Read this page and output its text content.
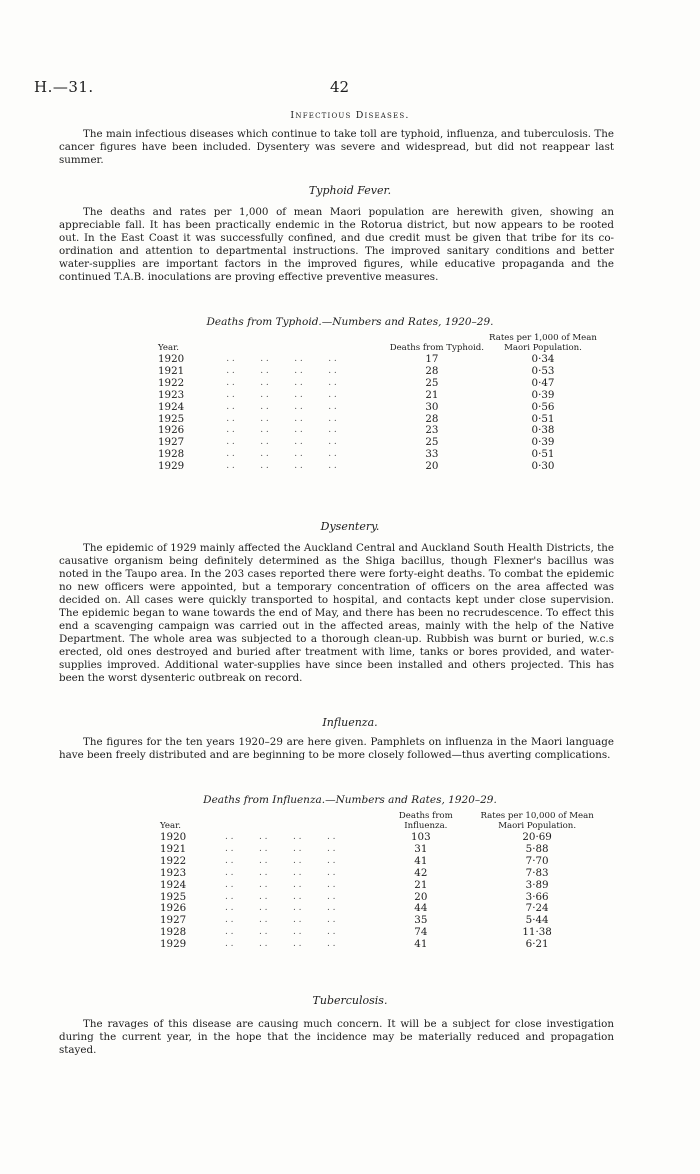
H.—31.	42
Infectious Diseases.

The main infectious diseases which continue to take toll are typhoid, influenza, and tuberculosis. The cancer figures have been included. Dysentery was severe and widespread, but did not reappear last summer.

Typhoid Fever.

The deaths and rates per 1,000 of mean Maori population are herewith given, showing an appreciable fall. It has been practically endemic in the Rotorua district, but now appears to be rooted out. In the East Coast it was successfully confined, and due credit must be given that tribe for its co-ordination and attention to departmental instructions. The improved sanitary conditions and better water-supplies are important factors in the improved figures, while educative propaganda and the continued T.A.B. inoculations are proving effective preventive measures.

Deaths from Typhoid.—Numbers and Rates, 1920–29.
Year.		Deaths from Typhoid.	Rates per 1,000 of Mean Maori Population.
1920	. . . . . . . .	17	0·34
1921	. . . . . . . .	28	0·53
1922	. . . . . . . .	25	0·47
1923	. . . . . . . .	21	0·39
1924	. . . . . . . .	30	0·56
1925	. . . . . . . .	28	0·51
1926	. . . . . . . .	23	0·38
1927	. . . . . . . .	25	0·39
1928	. . . . . . . .	33	0·51
1929	. . . . . . . .	20	0·30
Dysentery.

The epidemic of 1929 mainly affected the Auckland Central and Auckland South Health Districts, the causative organism being definitely determined as the Shiga bacillus, though Flexner's bacillus was noted in the Taupo area. In the 203 cases reported there were forty-eight deaths. To combat the epidemic no new officers were appointed, but a temporary concentration of officers on the area affected was decided on. All cases were quickly transported to hospital, and contacts kept under close supervision. The epidemic began to wane towards the end of May, and there has been no recrudescence. To effect this end a scavenging campaign was carried out in the affected areas, mainly with the help of the Native Department. The whole area was subjected to a thorough clean-up. Rubbish was burnt or buried, w.c.s erected, old ones destroyed and buried after treatment with lime, tanks or bores provided, and water-supplies improved. Additional water-supplies have since been installed and others projected. This has been the worst dysenteric outbreak on record.

Influenza.

The figures for the ten years 1920–29 are here given. Pamphlets on influenza in the Maori language have been freely distributed and are beginning to be more closely followed—thus averting complications.

Deaths from Influenza.—Numbers and Rates, 1920–29.
Year.		Deaths from Influenza.	Rates per 10,000 of Mean Maori Population.
1920	. . . . . . . .	103	20·69
1921	. . . . . . . .	31	5·88
1922	. . . . . . . .	41	7·70
1923	. . . . . . . .	42	7·83
1924	. . . . . . . .	21	3·89
1925	. . . . . . . .	20	3·66
1926	. . . . . . . .	44	7·24
1927	. . . . . . . .	35	5·44
1928	. . . . . . . .	74	11·38
1929	. . . . . . . .	41	6·21
Tuberculosis.

The ravages of this disease are causing much concern. It will be a subject for close investigation during the current year, in the hope that the incidence may be materially reduced and propagation stayed.
